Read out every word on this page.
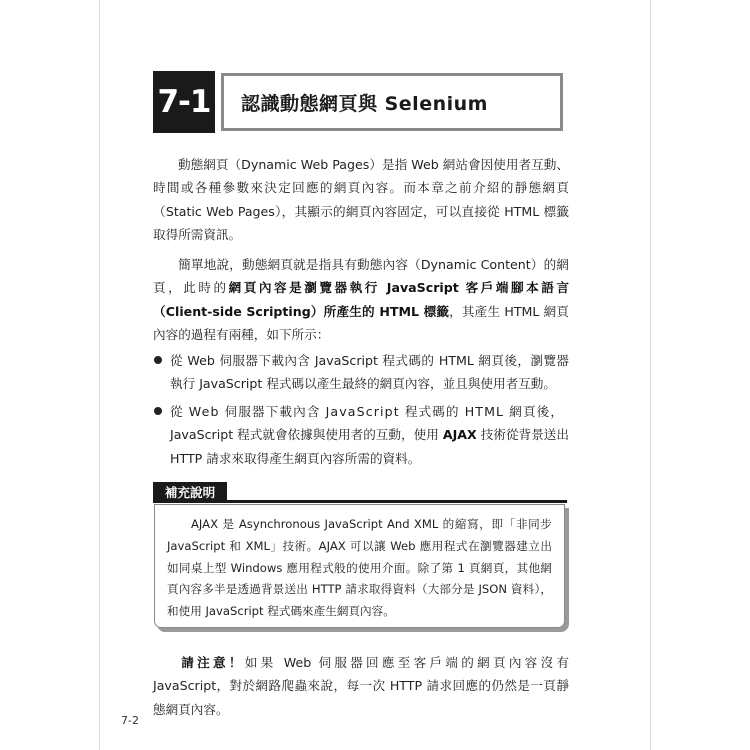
7-1 認識動態網頁與 Selenium
動態網頁（Dynamic Web Pages）是指 Web 網站會因使用者互動、時間或各種參數來決定回應的網頁內容。而本章之前介紹的靜態網頁（Static Web Pages），其顯示的網頁內容固定，可以直接從 HTML 標籤取得所需資訊。
簡單地說，動態網頁就是指具有動態內容（Dynamic Content）的網頁，此時的網頁內容是瀏覽器執行 JavaScript 客戶端腳本語言（Client-side Scripting）所產生的 HTML 標籤，其產生 HTML 網頁內容的過程有兩種，如下所示：
從 Web 伺服器下載內含 JavaScript 程式碼的 HTML 網頁後，瀏覽器執行 JavaScript 程式碼以產生最終的網頁內容，並且與使用者互動。
從 Web 伺服器下載內含 JavaScript 程式碼的 HTML 網頁後，
JavaScript 程式就會依據與使用者的互動，使用 AJAX 技術從背景送出 HTTP 請求來取得產生網頁內容所需的資料。
補充說明
AJAX 是 Asynchronous JavaScript And XML 的縮寫，即「非同步 JavaScript 和 XML」技術。AJAX 可以讓 Web 應用程式在瀏覽器建立出如同桌上型 Windows 應用程式般的使用介面。除了第 1 頁網頁，其他網頁內容多半是透過背景送出 HTTP 請求取得資料（大部分是 JSON 資料），和使用 JavaScript 程式碼來產生網頁內容。
請注意！如果 Web 伺服器回應至客戶端的網頁內容沒有 JavaScript，對於網路爬蟲來說，每一次 HTTP 請求回應的仍然是一頁靜態網頁內容。
7-2
